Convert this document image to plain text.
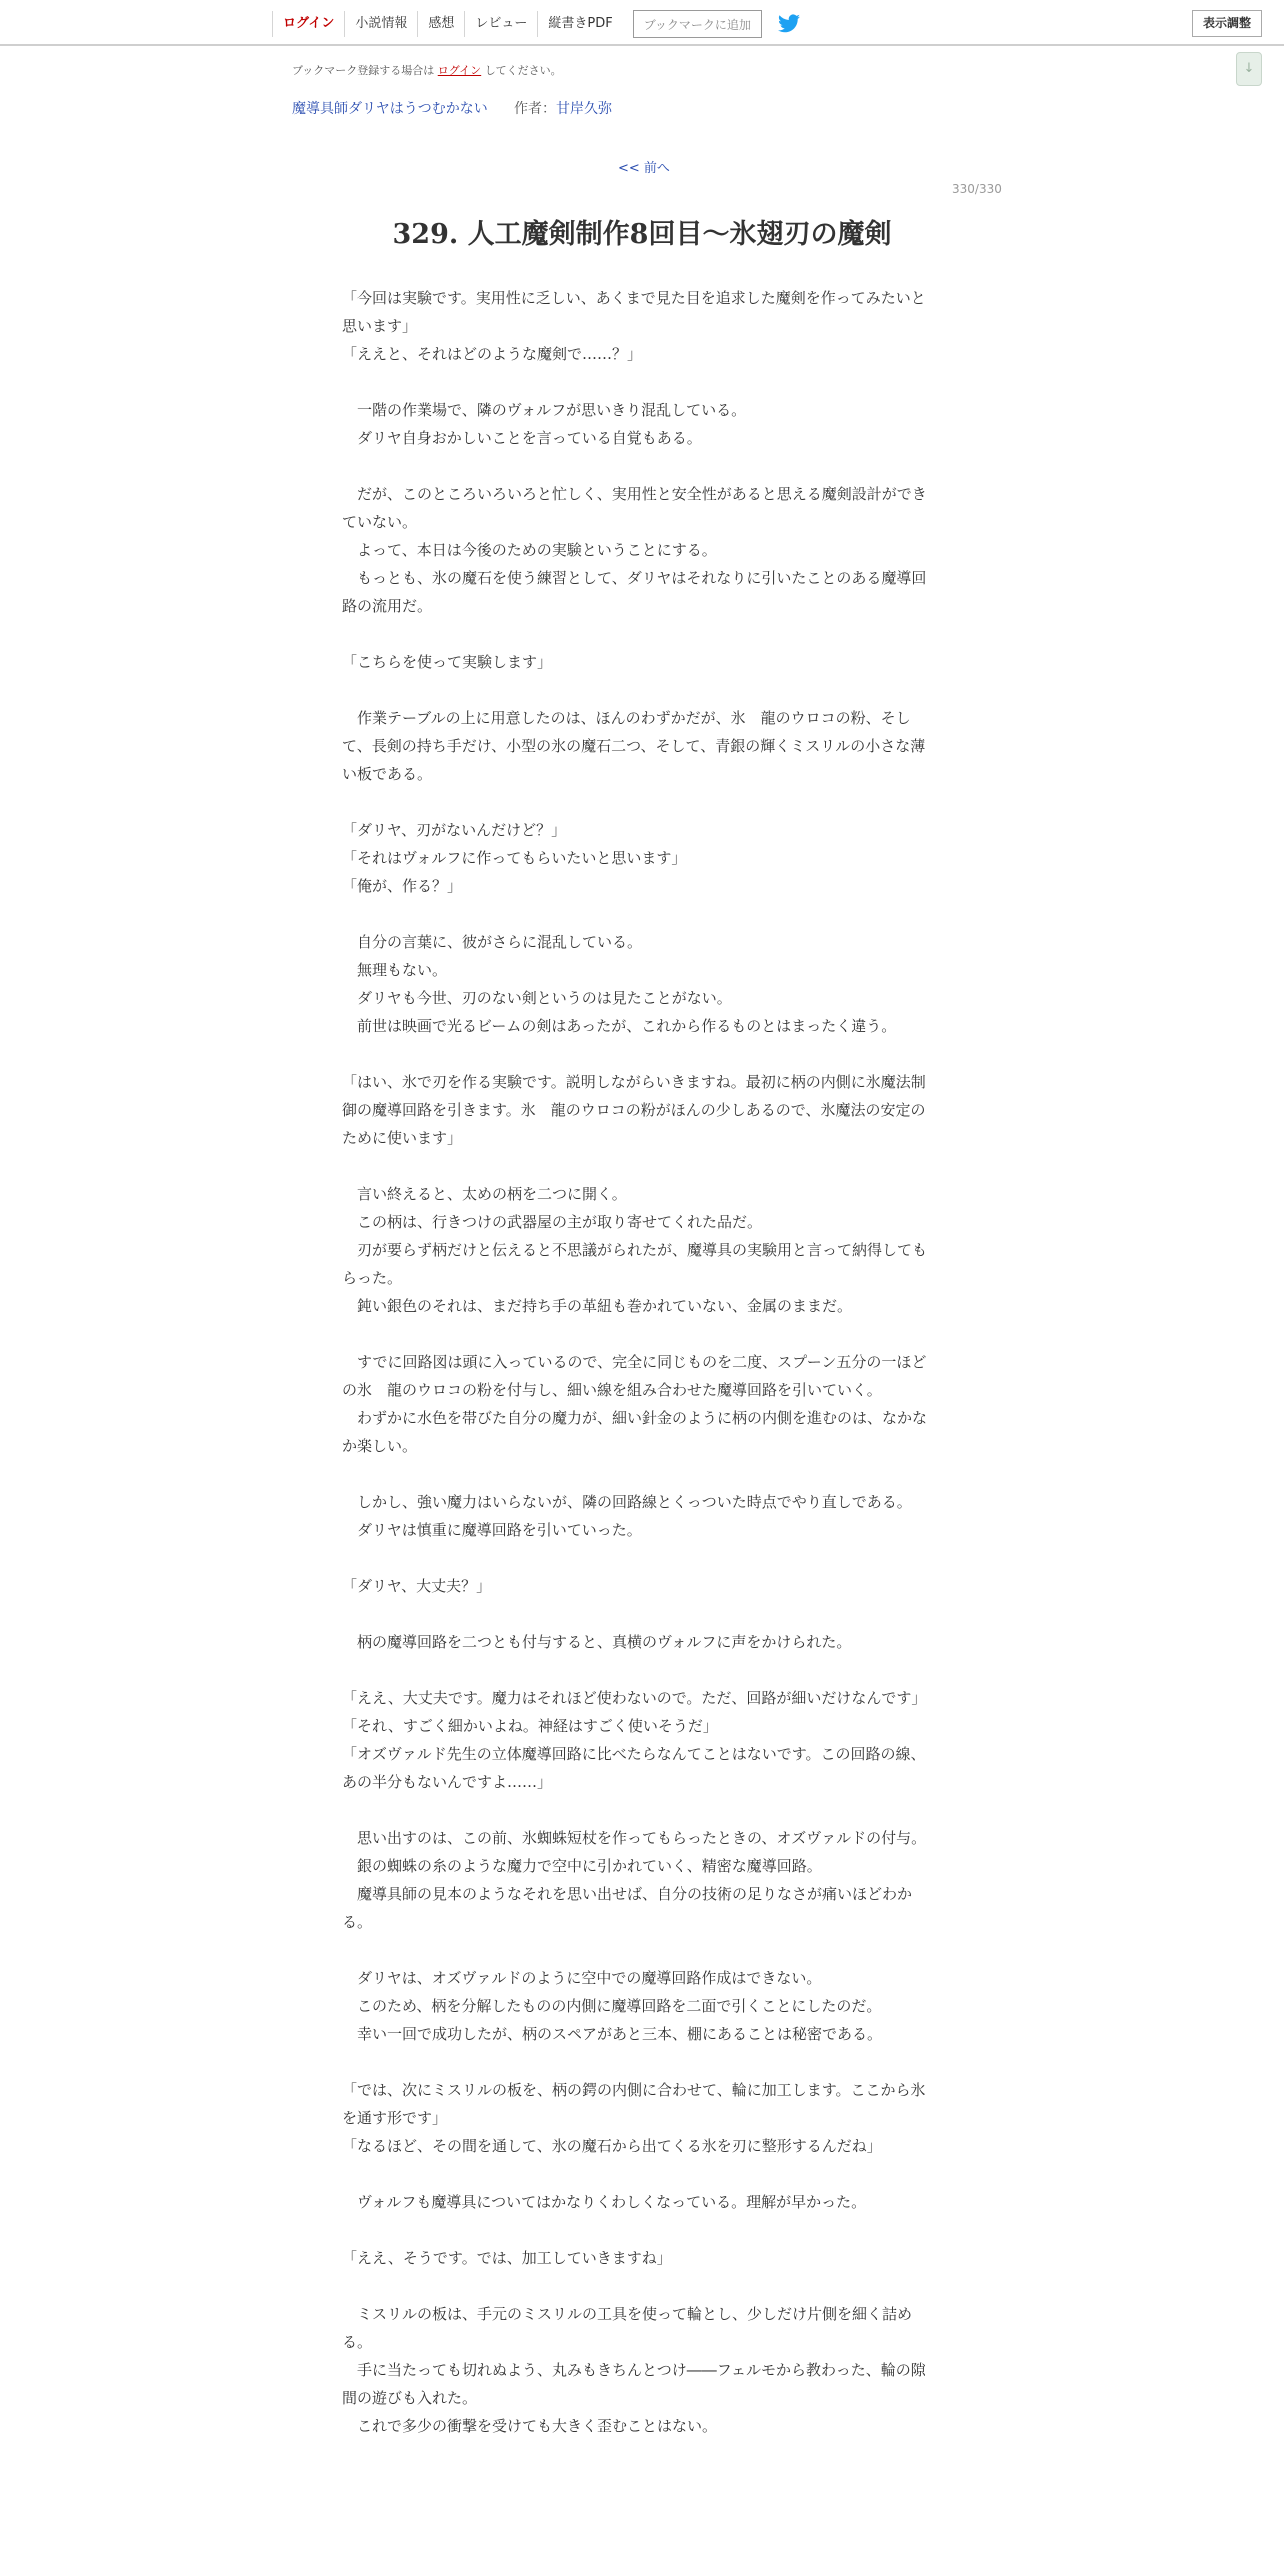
ログイン	小説情報	感想	レビュー	縦書きPDF	ブックマークに追加	表示調整
↓
ブックマーク登録する場合は ログイン してください。
魔導具師ダリヤはうつむかない 作者：甘岸久弥
<< 前へ
330/330
329. 人工魔剣制作8回目～氷翅刃の魔剣

「今回は実験です。実用性に乏しい、あくまで見た目を追求した魔剣を作ってみたいと思います」

「ええと、それはどのような魔剣で……？」

　一階の作業場で、隣のヴォルフが思いきり混乱している。

　ダリヤ自身おかしいことを言っている自覚もある。

　だが、このところいろいろと忙しく、実用性と安全性があると思える魔剣設計ができていない。

　よって、本日は今後のための実験ということにする。

　もっとも、氷の魔石を使う練習として、ダリヤはそれなりに引いたことのある魔導回路の流用だ。

「こちらを使って実験します」

　作業テーブルの上に用意したのは、ほんのわずかだが、氷　龍のウロコの粉、そして、長剣の持ち手だけ、小型の氷の魔石二つ、そして、青銀の輝くミスリルの小さな薄い板である。

「ダリヤ、刃がないんだけど？」

「それはヴォルフに作ってもらいたいと思います」

「俺が、作る？」

　自分の言葉に、彼がさらに混乱している。

　無理もない。

　ダリヤも今世、刃のない剣というのは見たことがない。

　前世は映画で光るビームの剣はあったが、これから作るものとはまったく違う。

「はい、氷で刃を作る実験です。説明しながらいきますね。最初に柄の内側に氷魔法制御の魔導回路を引きます。氷　龍のウロコの粉がほんの少しあるので、氷魔法の安定のために使います」

　言い終えると、太めの柄を二つに開く。

　この柄は、行きつけの武器屋の主が取り寄せてくれた品だ。

　刃が要らず柄だけと伝えると不思議がられたが、魔導具の実験用と言って納得してもらった。

　鈍い銀色のそれは、まだ持ち手の革紐も巻かれていない、金属のままだ。

　すでに回路図は頭に入っているので、完全に同じものを二度、スプーン五分の一ほどの氷　龍のウロコの粉を付与し、細い線を組み合わせた魔導回路を引いていく。

　わずかに水色を帯びた自分の魔力が、細い針金のように柄の内側を進むのは、なかなか楽しい。

　しかし、強い魔力はいらないが、隣の回路線とくっついた時点でやり直しである。

　ダリヤは慎重に魔導回路を引いていった。

「ダリヤ、大丈夫？」

　柄の魔導回路を二つとも付与すると、真横のヴォルフに声をかけられた。

「ええ、大丈夫です。魔力はそれほど使わないので。ただ、回路が細いだけなんです」

「それ、すごく細かいよね。神経はすごく使いそうだ」

「オズヴァルド先生の立体魔導回路に比べたらなんてことはないです。この回路の線、あの半分もないんですよ……」

　思い出すのは、この前、氷蜘蛛短杖を作ってもらったときの、オズヴァルドの付与。

　銀の蜘蛛の糸のような魔力で空中に引かれていく、精密な魔導回路。

　魔導具師の見本のようなそれを思い出せば、自分の技術の足りなさが痛いほどわかる。

　ダリヤは、オズヴァルドのように空中での魔導回路作成はできない。

　このため、柄を分解したものの内側に魔導回路を二面で引くことにしたのだ。

　幸い一回で成功したが、柄のスペアがあと三本、棚にあることは秘密である。

「では、次にミスリルの板を、柄の鍔の内側に合わせて、輪に加工します。ここから氷を通す形です」

「なるほど、その間を通して、氷の魔石から出てくる氷を刃に整形するんだね」

　ヴォルフも魔導具についてはかなりくわしくなっている。理解が早かった。

「ええ、そうです。では、加工していきますね」

　ミスリルの板は、手元のミスリルの工具を使って輪とし、少しだけ片側を細く詰める。

　手に当たっても切れぬよう、丸みもきちんとつけ――フェルモから教わった、輪の隙間の遊びも入れた。

　これで多少の衝撃を受けても大きく歪むことはない。
